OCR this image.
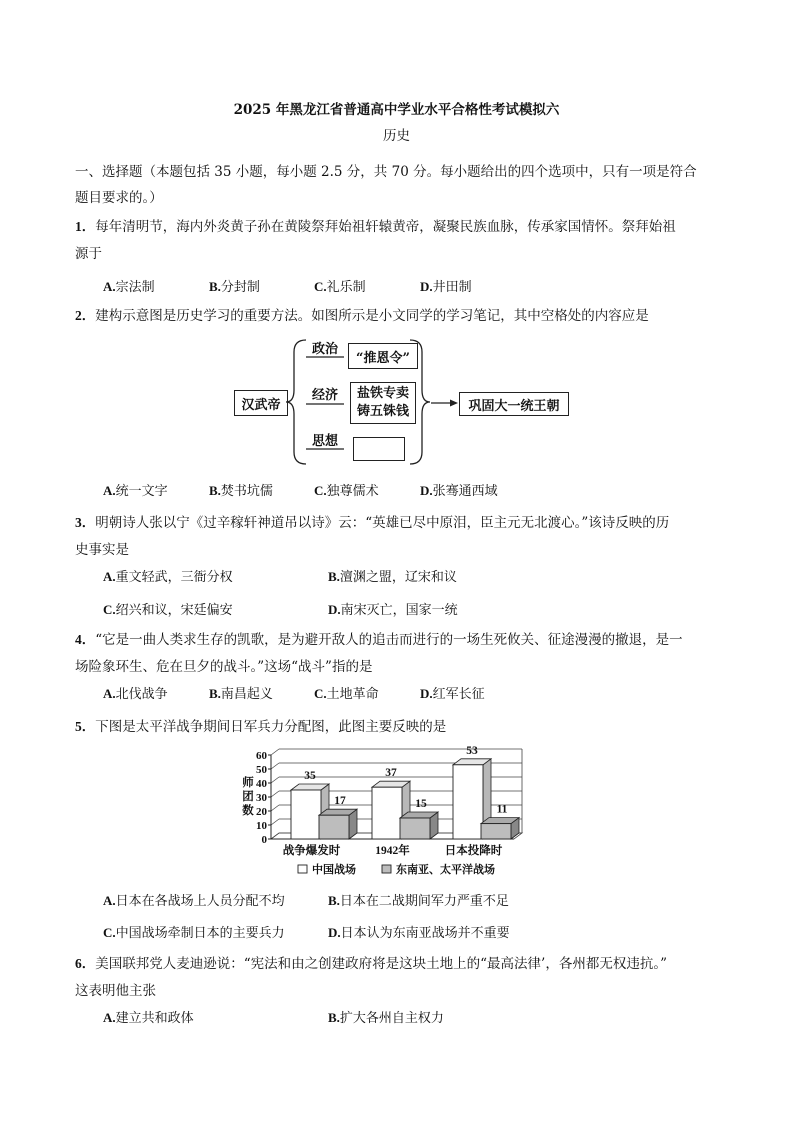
2025 年黑龙江省普通高中学业水平合格性考试模拟六
历史
一、选择题（本题包括 35 小题，每小题 2.5 分，共 70 分。每小题给出的四个选项中，只有一项是符合
题目要求的。）
1．每年清明节，海内外炎黄子孙在黄陵祭拜始祖轩辕黄帝，凝聚民族血脉，传承家国情怀。祭拜始祖
源于
A.宗法制	B.分封制	C.礼乐制	D.井田制
2．建构示意图是历史学习的重要方法。如图所示是小文同学的学习笔记，其中空格处的内容应是
汉武帝
政治
“推恩令”
经济 盐铁专卖
铸五铢钱
思想
巩固大一统王朝
A.统一文字	B.焚书坑儒	C.独尊儒术	D.张骞通西域
3．明朝诗人张以宁《过辛稼轩神道吊以诗》云：“英雄已尽中原泪，臣主元无北渡心。”该诗反映的历
史事实是
A.重文轻武，三衙分权	B.澶渊之盟，辽宋和议
C.绍兴和议，宋廷偏安	D.南宋灭亡，国家一统
4．“它是一曲人类求生存的凯歌，是为避开敌人的追击而进行的一场生死攸关、征途漫漫的撤退，是一
场险象环生、危在旦夕的战斗。”这场“战斗”指的是
A.北伐战争	B.南昌起义	C.土地革命	D.红军长征
5．下图是太平洋战争期间日军兵力分配图，此图主要反映的是
0
10
20
30
40
50
60
师
团
数
35
17
战争爆发时
37
15
1942年
53
11
日本投降时
中国战场	东南亚、太平洋战场
A.日本在各战场上人员分配不均	B.日本在二战期间军力严重不足
C.中国战场牵制日本的主要兵力	D.日本认为东南亚战场并不重要
6．美国联邦党人麦迪逊说：“宪法和由之创建政府将是这块土地上的“最高法律’，各州都无权违抗。”
这表明他主张
A.建立共和政体	B.扩大各州自主权力
